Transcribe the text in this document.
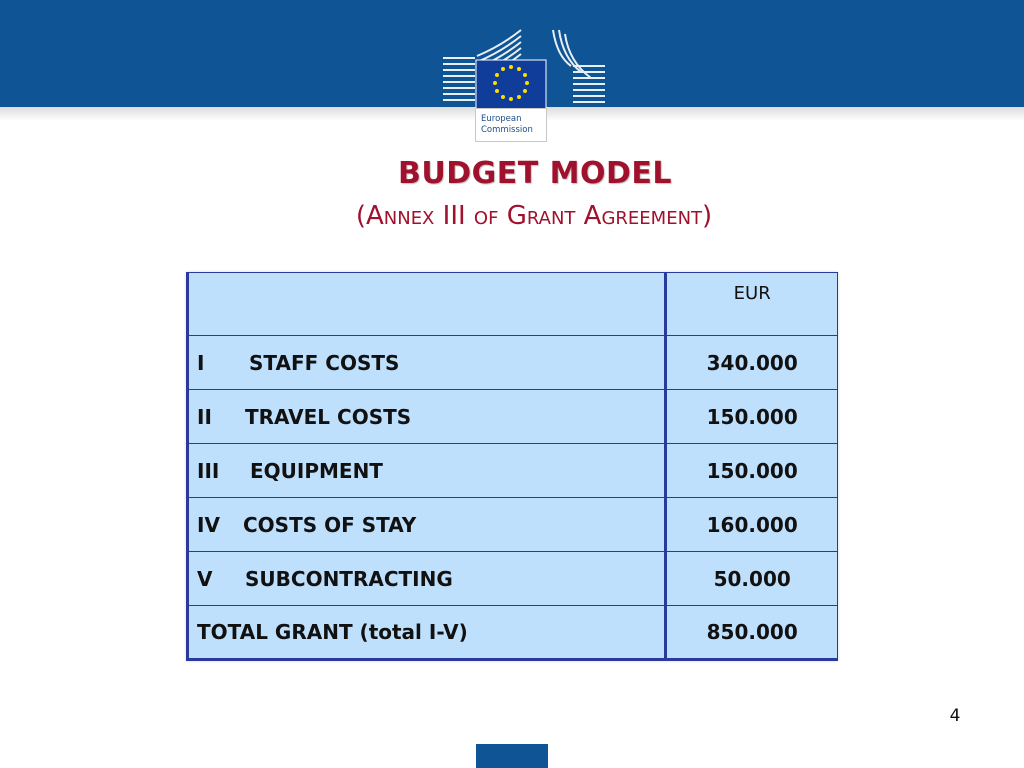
European
Commission
BUDGET MODEL
(Annex III of Grant Agreement)
	EUR
I STAFF COSTS	340.000
II TRAVEL COSTS	150.000
III EQUIPMENT	150.000
IV COSTS OF STAY	160.000
V SUBCONTRACTING	50.000
TOTAL GRANT (total I-V)	850.000
4
